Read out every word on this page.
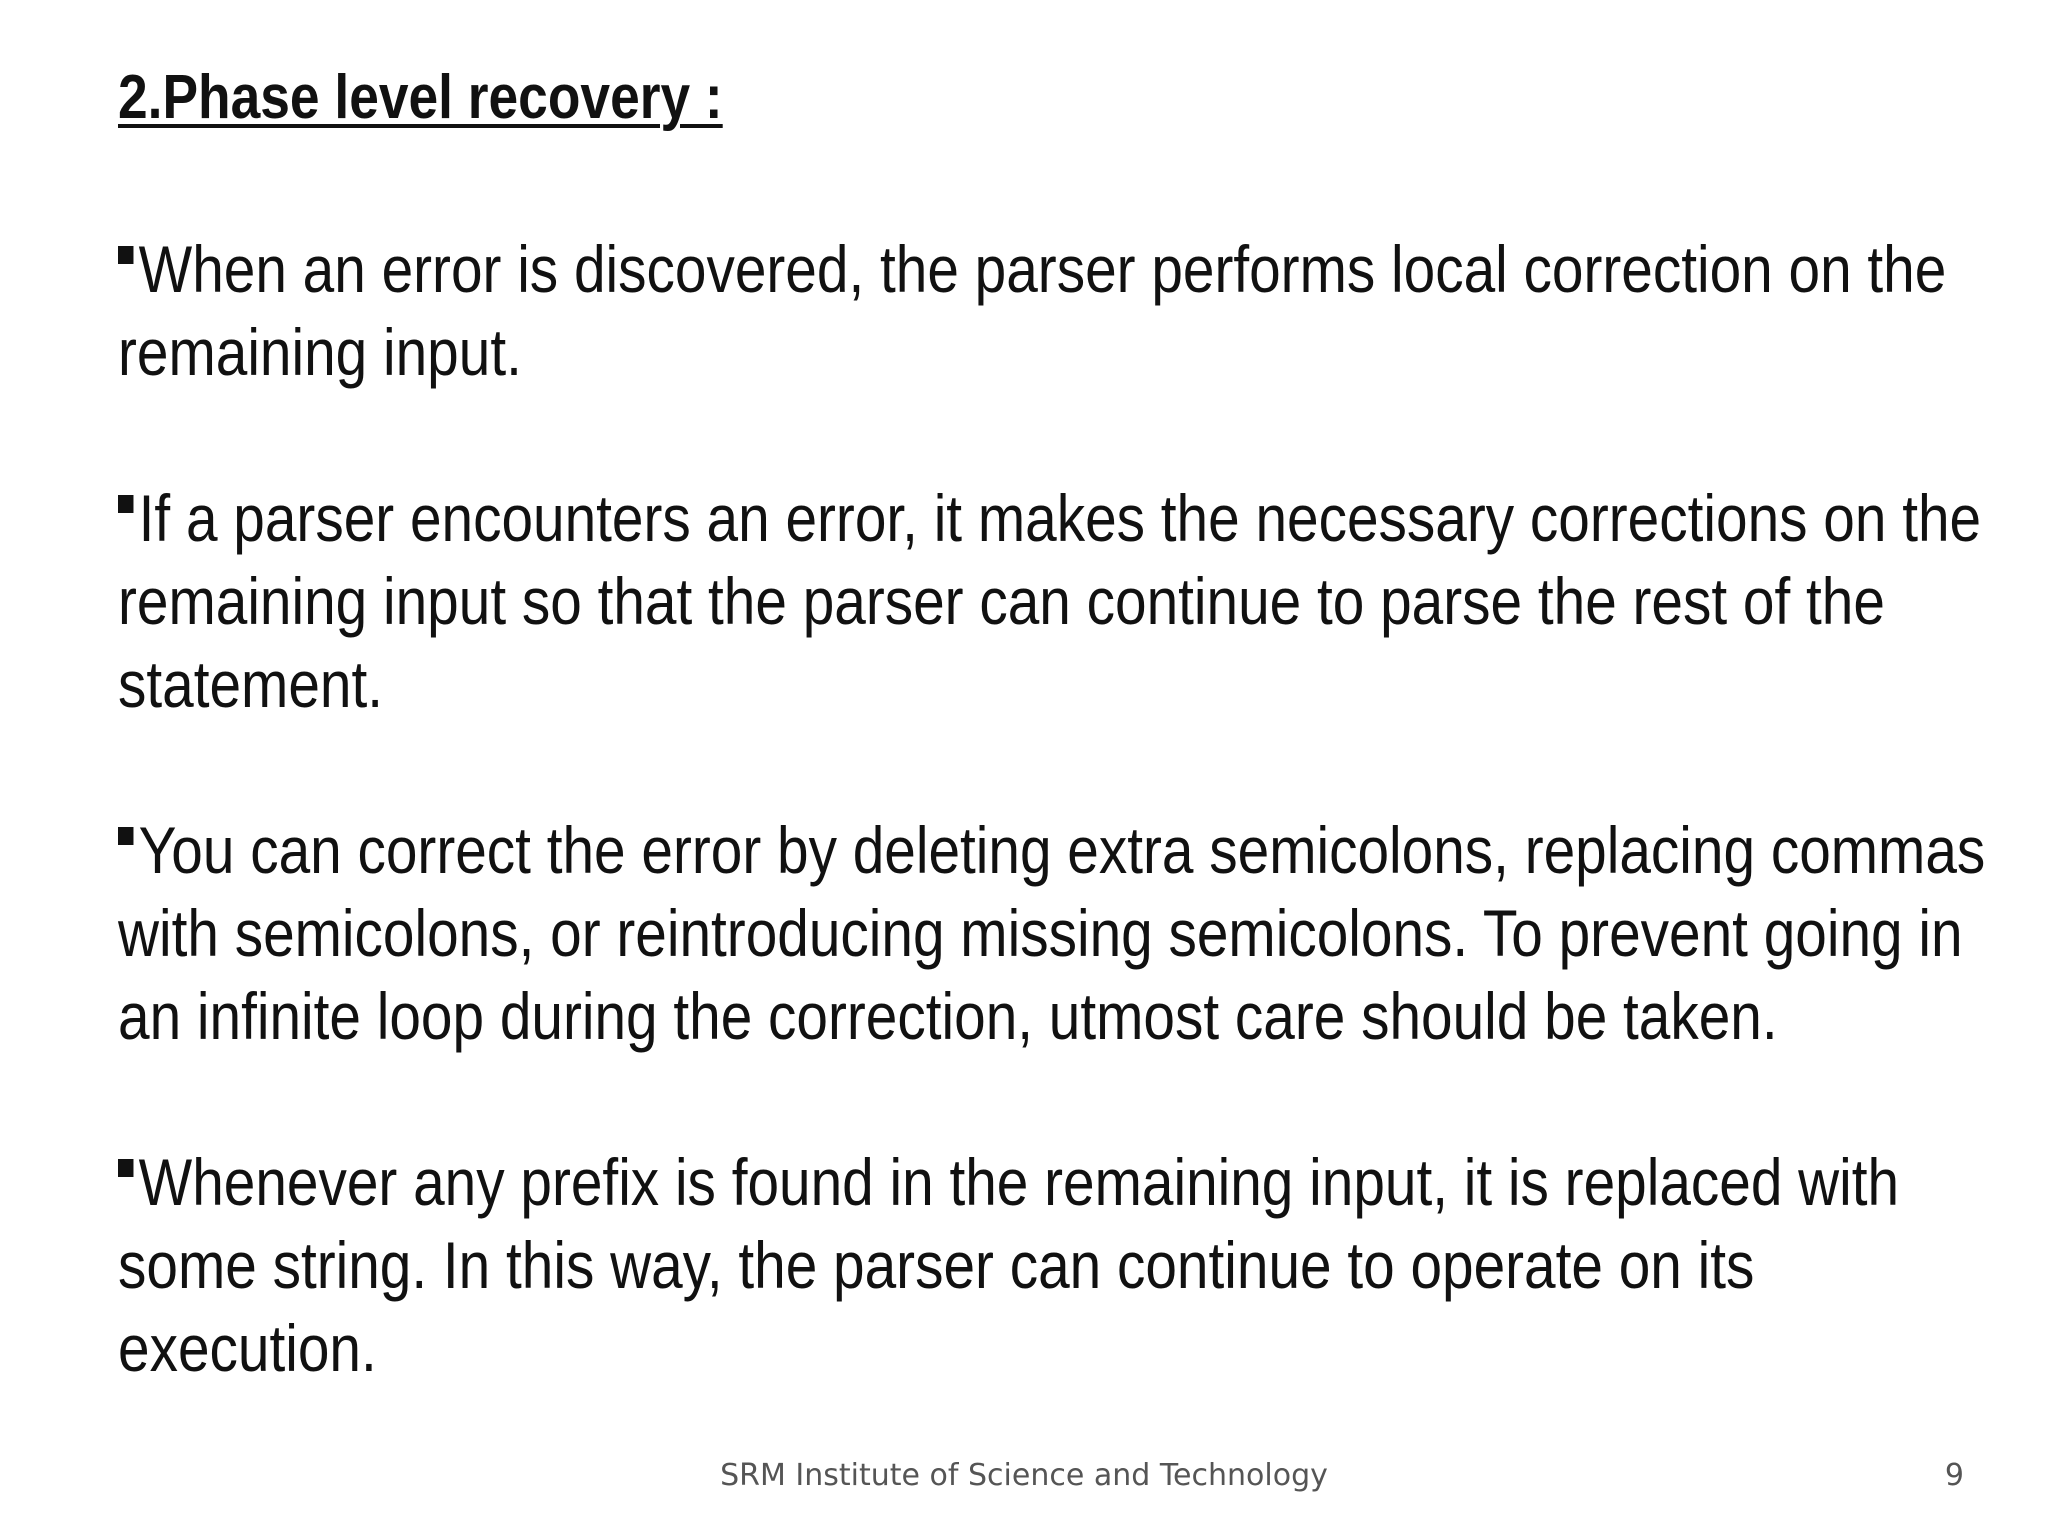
2.Phase level recovery :

When an error is discovered, the parser performs local correction on the remaining input.

If a parser encounters an error, it makes the necessary corrections on the remaining input so that the parser can continue to parse the rest of the statement.

You can correct the error by deleting extra semicolons, replacing commas with semicolons, or reintroducing missing semicolons. To prevent going in an infinite loop during the correction, utmost care should be taken.

Whenever any prefix is found in the remaining input, it is replaced with some string. In this way, the parser can continue to operate on its execution.

SRM Institute of Science and Technology	9
